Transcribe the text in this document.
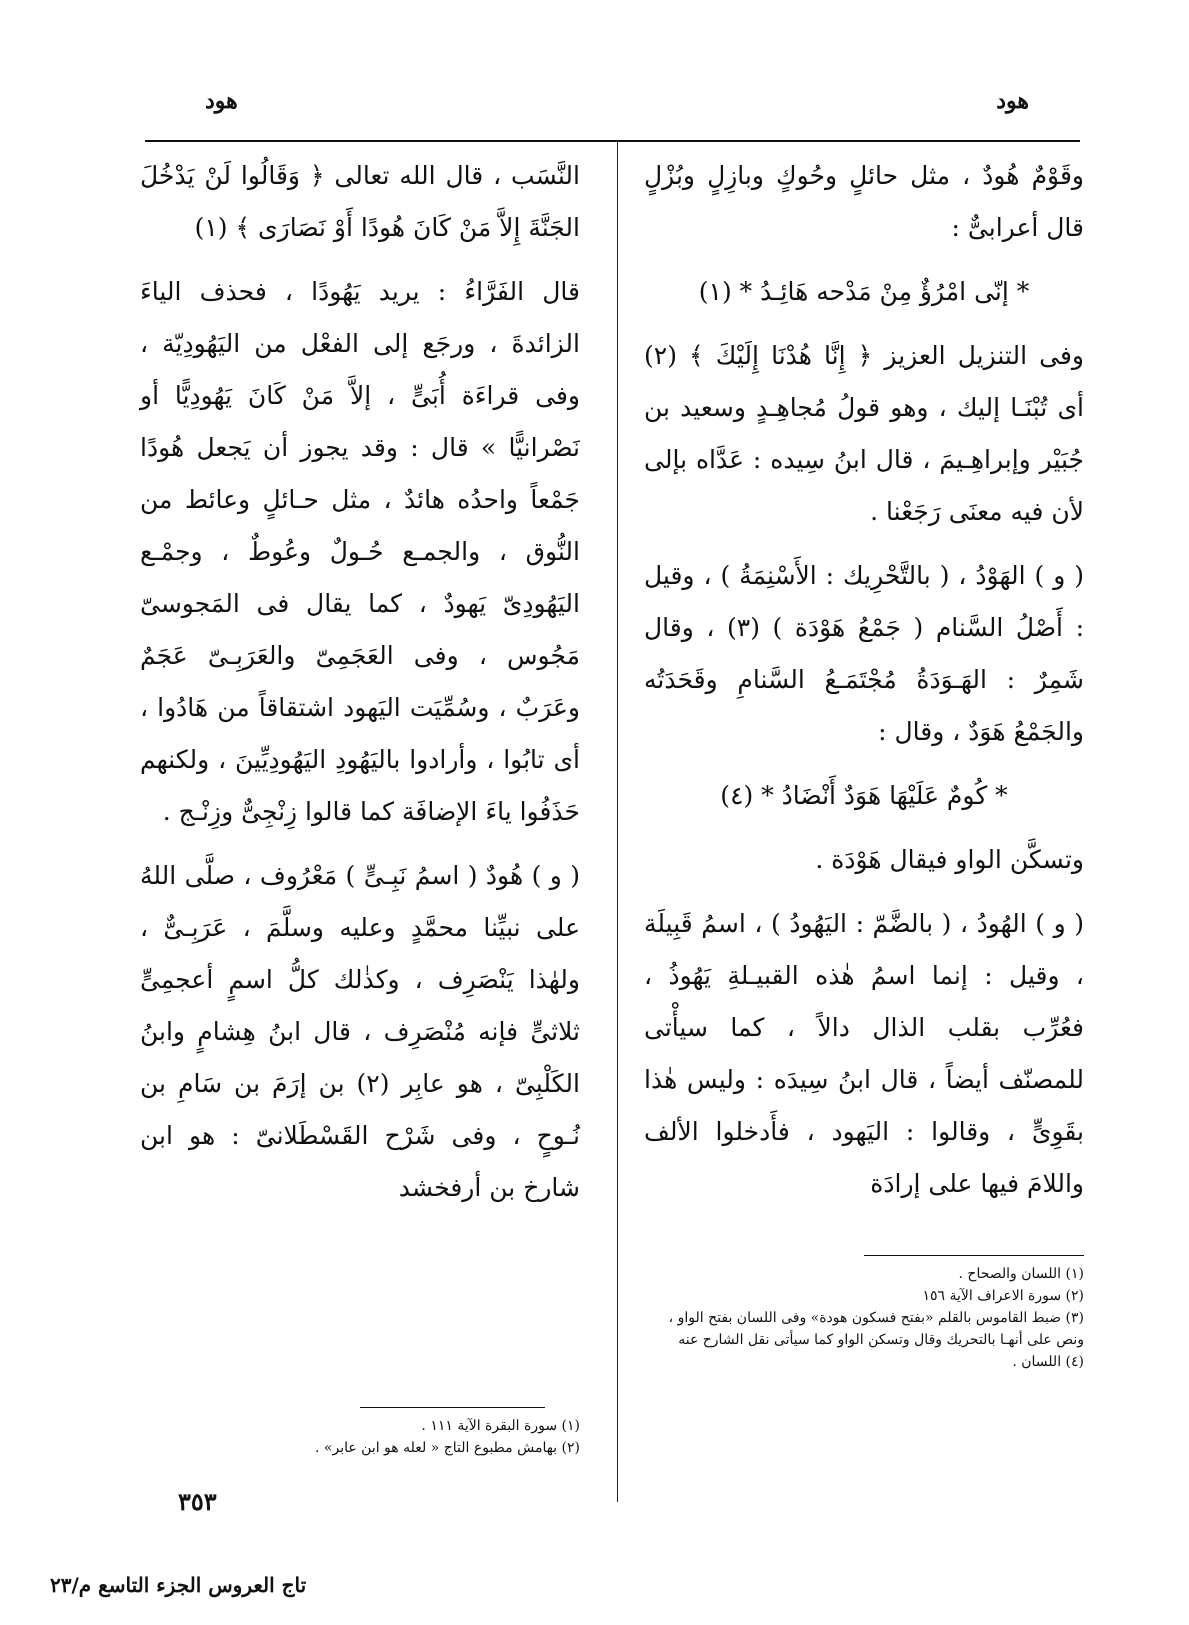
هود
هود

وقَوْمٌ هُودٌ ، مثل حائلٍ وحُوكٍ وبازِلٍ وبُزْلٍ قال أعرابىٌّ :

* إنّى امْرُؤٌ مِنْ مَدْحه هَائِـدُ * (١)

وفى التنزيل العزيز ﴿ إِنَّا هُدْنَا إِلَيْكَ ﴾ (٢) أى تُبْنَـا إليك ، وهو قولُ مُجاهِـدٍ وسعيد بن جُبَيْر وإبراهِـيمَ ، قال ابنُ سِيده : عَدَّاه بإلى لأن فيه معنَى رَجَعْنا .

( و ) الهَوْدُ ، ( بالتَّحْرِيك : الأَسْنِمَةُ ) ، وقيل : أَصْلُ السَّنام ( جَمْعُ هَوْدَة ) (٣) ، وقال شَمِرٌ : الهَـوَدَةُ مُجْتَمَـعُ السَّنامِ وقَحَدَتُه والجَمْعُ هَوَدٌ ، وقال :

* كُومٌ عَلَيْهَا هَوَدٌ أَنْضَادُ * (٤)

وتسكَّن الواو فيقال هَوْدَة .

( و ) الهُودُ ، ( بالضَّمّ : اليَهُودُ ) ، اسمُ قَبِيلَة ، وقيل : إنما اسمُ هٰذه القبيـلةِ يَهُوذُ ، فعُرِّب بقلب الذال دالاً ، كما سيأْتى للمصنّف أيضاً ، قال ابنُ سِيدَه : وليس هٰذا بقَوِىٍّ ، وقالوا : اليَهود ، فأَدخلوا الألف واللامَ فيها على إرادَة

النَّسَب ، قال الله تعالى ﴿ وَقَالُوا لَنْ يَدْخُلَ الجَنَّةَ إِلاَّ مَنْ كَانَ هُودًا أَوْ نَصَارَى ﴾ (١)

قال الفَرَّاءُ : يريد يَهُودًا ، فحذف الياءَ الزائدةَ ، ورجَع إلى الفعْل من اليَهُودِيّة ، وفى قراءَة أُبَىٍّ ، إلاَّ مَنْ كَانَ يَهُودِيًّا أو نَصْرانيًّا » قال : وقد يجوز أن يَجعل هُودًا جَمْعاً واحدُه هائدٌ ، مثل حـائلٍ وعائط من النُّوق ، والجمـع حُـولٌ وعُوطٌ ، وجمْـع اليَهُودِىّ يَهودٌ ، كما يقال فى المَجوسىّ مَجُوس ، وفى العَجَمِىّ والعَرَبِـىّ عَجَمٌ وعَرَبٌ ، وسُمِّيَت اليَهود اشتقاقاً من هَادُوا ، أى تابُوا ، وأرادوا باليَهُودِ اليَهُودِيِّينَ ، ولكنهم حَذَفُوا ياءَ الإضافَة كما قالوا زِنْجِىٌّ وزِنْـج .

( و ) هُودٌ ( اسمُ نَبِـىٍّ ) مَعْرُوف ، صلَّى اللهُ على نبيِّنا محمَّدٍ وعليه وسلَّمَ ، عَرَبِـىٌّ ، ولهٰذا يَنْصَرِف ، وكذٰلك كلُّ اسمٍ أعجمِىٍّ ثلاثىٍّ فإنه مُنْصَرِف ، قال ابنُ هِشامٍ وابنُ الكَلْبِىّ ، هو عابِر (٢) بن إرَمَ بن سَامِ بن نُـوحٍ ، وفى شَرْح القَسْطَلانىّ : هو ابن شارخ بن أرفخشد

(١) اللسان والصحاح .
(٢) سورة الاعراف الآية ١٥٦
(٣) ضبط القاموس بالقلم «بفتح فسكون هودة» وفى اللسان بفتح الواو ، ونص على أنهـا بالتحريك وقال وتسكن الواو كما سيأتى نقل الشارح عنه
(٤) اللسان .
(١) سورة البقرة الآية ١١١ .
(٢) بهامش مطبوع التاج « لعله هو ابن عابر» .
٣٥٣
تاج العروس الجزء التاسع م/٢٣
